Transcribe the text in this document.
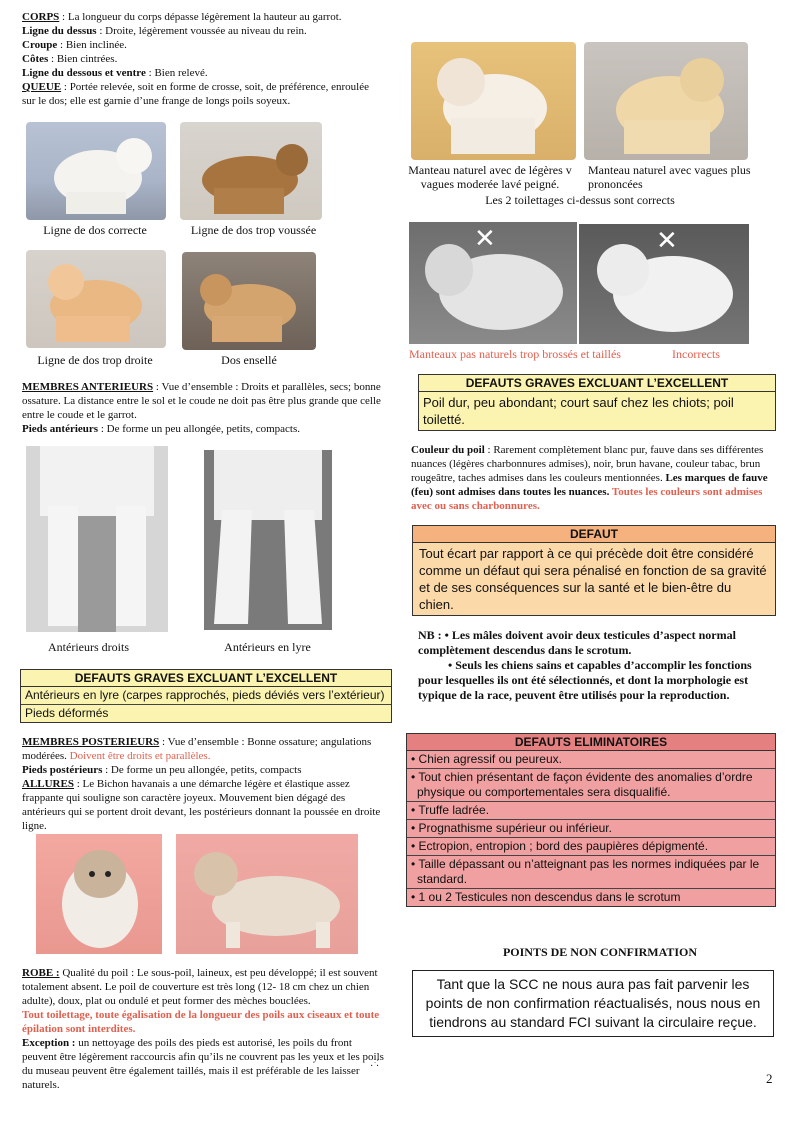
CORPS : La longueur du corps dépasse légèrement la hauteur au garrot.

Ligne du dessus : Droite, légèrement voussée au niveau du rein.

Croupe : Bien inclinée.

Côtes : Bien cintrées.

Ligne du dessous et ventre : Bien relevé.

QUEUE : Portée relevée, soit en forme de crosse, soit, de préférence, enroulée sur le dos; elle est garnie d’une frange de longs poils soyeux.

Ligne de dos correcte	Ligne de dos trop voussée
Ligne de dos trop droite	Dos ensellé

MEMBRES ANTERIEURS : Vue d’ensemble : Droits et parallèles, secs; bonne ossature. La distance entre le sol et le coude ne doit pas être plus grande que celle entre le coude et le garrot.

Pieds antérieurs : De forme un peu allongée, petits, compacts.

Antérieurs droits	Antérieurs en lyre
DEFAUTS GRAVES EXCLUANT L’EXCELLENT
Antérieurs en lyre (carpes rapprochés, pieds déviés vers l’extérieur)
Pieds déformés

MEMBRES POSTERIEURS : Vue d’ensemble : Bonne ossature; angulations modérées. Doivent être droits et parallèles.

Pieds postérieurs : De forme un peu allongée, petits, compacts

ALLURES : Le Bichon havanais a une démarche légère et élastique assez frappante qui souligne son caractère joyeux. Mouvement bien dégagé des antérieurs qui se portent droit devant, les postérieurs donnant la poussée en droite ligne.

ROBE : Qualité du poil : Le sous-poil, laineux, est peu développé; il est souvent totalement absent. Le poil de couverture est très long (12- 18 cm chez un chien adulte), doux, plat ou ondulé et peut former des mèches bouclées.

Tout toilettage, toute égalisation de la longueur des poils aux ciseaux et toute épilation sont interdites.

Exception : un nettoyage des poils des pieds est autorisé, les poils du front peuvent être légèrement raccourcis afin qu’ils ne couvrent pas les yeux et les poils du museau peuvent être également taillés, mais il est préférable de les laisser naturels.

Manteau naturel avec de légères v vagues moderée lavé peigné.
Manteau naturel avec vagues plus prononcées
Les 2 toilettages ci-dessus sont corrects
✕	✕
Manteaux pas naturels trop brossés et taillés	Incorrects
DEFAUTS GRAVES EXCLUANT L’EXCELLENT
Poil dur, peu abondant; court sauf chez les chiots; poil toiletté.

Couleur du poil : Rarement complètement blanc pur, fauve dans ses différentes nuances (légères charbonnures admises), noir, brun havane, couleur tabac, brun rougeâtre, taches admises dans les couleurs mentionnées. Les marques de fauve (feu) sont admises dans toutes les nuances. Toutes les couleurs sont admises avec ou sans charbonnures.

DEFAUT
Tout écart par rapport à ce qui précède doit être considéré comme un défaut qui sera pénalisé en fonction de sa gravité et de ses conséquences sur la santé et le bien-être du chien.

NB : • Les mâles doivent avoir deux testicules d’aspect normal complètement descendus dans le scrotum.

• Seuls les chiens sains et capables d’accomplir les fonctions pour lesquelles ils ont été sélectionnés, et dont la morphologie est typique de la race, peuvent être utilisés pour la reproduction.

DEFAUTS ELIMINATOIRES
• Chien agressif ou peureux.
• Tout chien présentant de façon évidente des anomalies d’ordre physique ou comportementales sera disqualifié.
• Truffe ladrée.
• Prognathisme supérieur ou inférieur.
• Ectropion, entropion ; bord des paupières dépigmenté.
• Taille dépassant ou n’atteignant pas les normes indiquées par le standard.
• 1 ou 2 Testicules non descendus dans le scrotum
POINTS DE NON CONFIRMATION
Tant que la SCC ne nous aura pas fait parvenir les points de non confirmation réactualisés, nous nous en tiendrons au standard FCI suivant la circulaire reçue.
·͘ ·́
2
